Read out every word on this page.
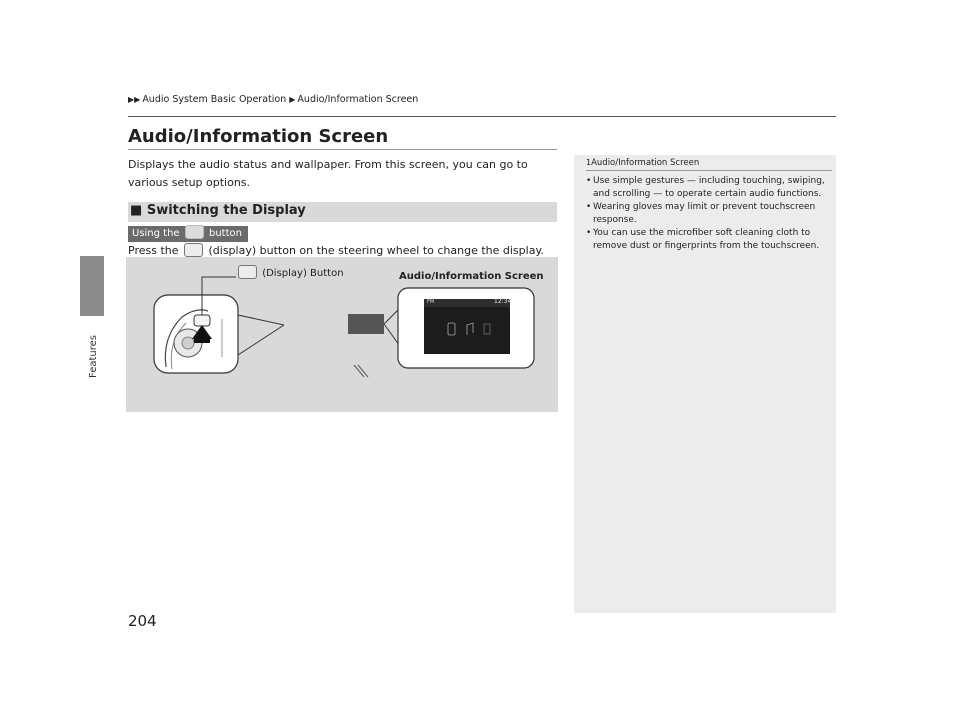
▶▶ Audio System Basic Operation ▶ Audio/Information Screen
Features
Audio/Information Screen
Displays the audio status and wallpaper. From this screen, you can go to various setup options.
■ Switching the Display
Using the	button
Press the	(display) button on the steering wheel to change the display.
(Display) Button	Audio/Information Screen
FM	12:34
1Audio/Information Screen
• Use simple gestures — including touching, swiping, and scrolling — to operate certain audio functions.
• Wearing gloves may limit or prevent touchscreen response.
• You can use the microfiber soft cleaning cloth to remove dust or fingerprints from the touchscreen.
204
